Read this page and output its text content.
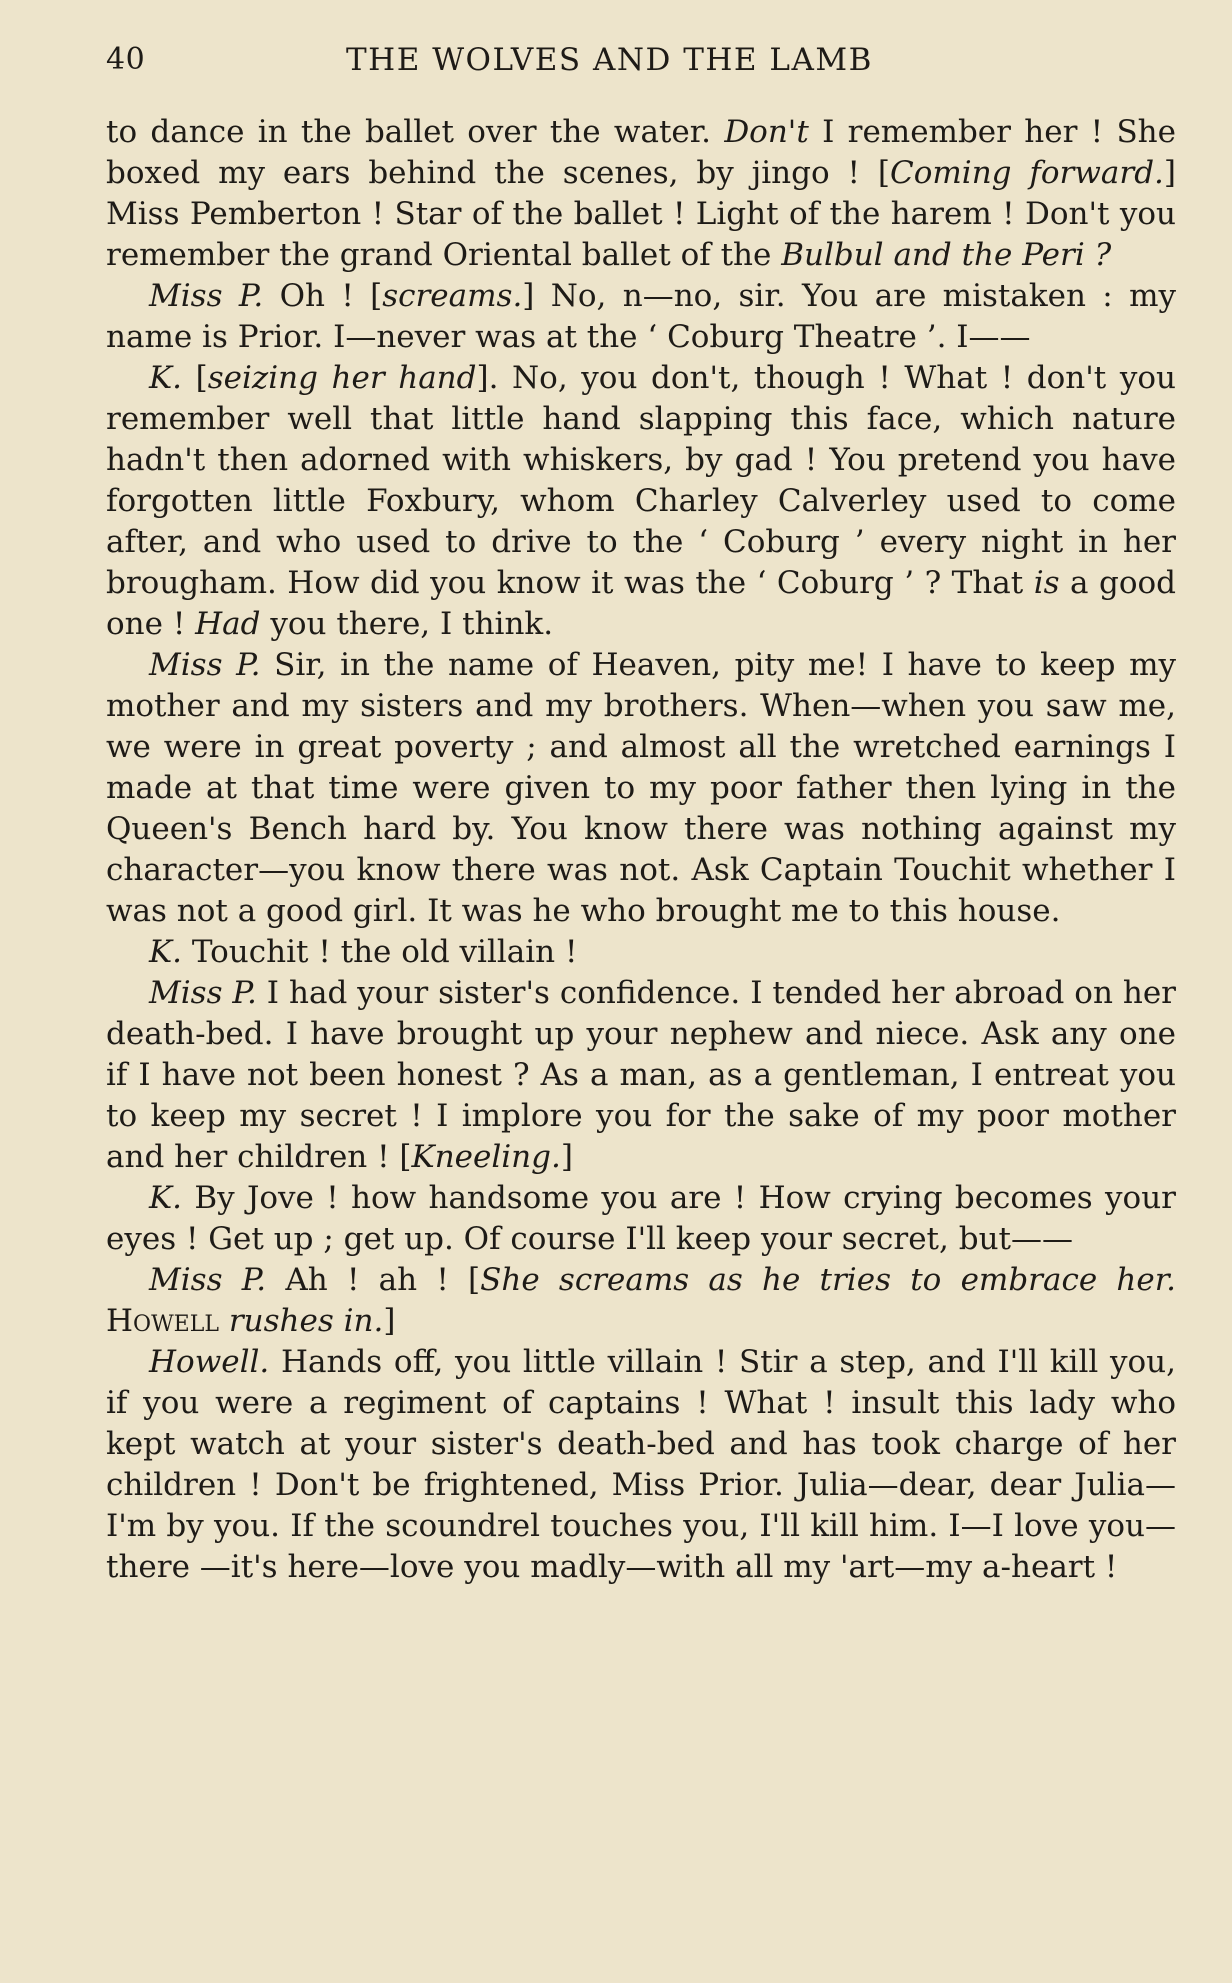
40	THE WOLVES AND THE LAMB

to dance in the ballet over the water. Don't I remember her ! She boxed my ears behind the scenes, by jingo ! [Coming forward.] Miss Pemberton ! Star of the ballet ! Light of the harem ! Don't you remember the grand Oriental ballet of the Bulbul and the Peri ?

Miss P. Oh ! [screams.] No, n—no, sir. You are mistaken : my name is Prior. I—never was at the ‘ Coburg Theatre ’. I——

K. [seizing her hand]. No, you don't, though ! What ! don't you remember well that little hand slapping this face, which nature hadn't then adorned with whiskers, by gad ! You pretend you have forgotten little Foxbury, whom Charley Calverley used to come after, and who used to drive to the ‘ Coburg ’ every night in her brougham. How did you know it was the ‘ Coburg ’ ? That is a good one ! Had you there, I think.

Miss P. Sir, in the name of Heaven, pity me! I have to keep my mother and my sisters and my brothers. When—when you saw me, we were in great poverty ; and almost all the wretched earnings I made at that time were given to my poor father then lying in the Queen's Bench hard by. You know there was nothing against my character—you know there was not. Ask Captain Touchit whether I was not a good girl. It was he who brought me to this house.

K. Touchit ! the old villain !

Miss P. I had your sister's confidence. I tended her abroad on her death-bed. I have brought up your nephew and niece. Ask any one if I have not been honest ? As a man, as a gentleman, I entreat you to keep my secret ! I implore you for the sake of my poor mother and her children ! [Kneeling.]

K. By Jove ! how handsome you are ! How crying becomes your eyes ! Get up ; get up. Of course I'll keep your secret, but——

Miss P. Ah ! ah ! [She screams as he tries to embrace her. Howell rushes in.]

Howell. Hands off, you little villain ! Stir a step, and I'll kill you, if you were a regiment of captains ! What ! insult this lady who kept watch at your sister's death-bed and has took charge of her children ! Don't be frightened, Miss Prior. Julia—dear, dear Julia—I'm by you. If the scoundrel touches you, I'll kill him. I—I love you—there —it's here—love you madly—with all my 'art—my a-heart !
